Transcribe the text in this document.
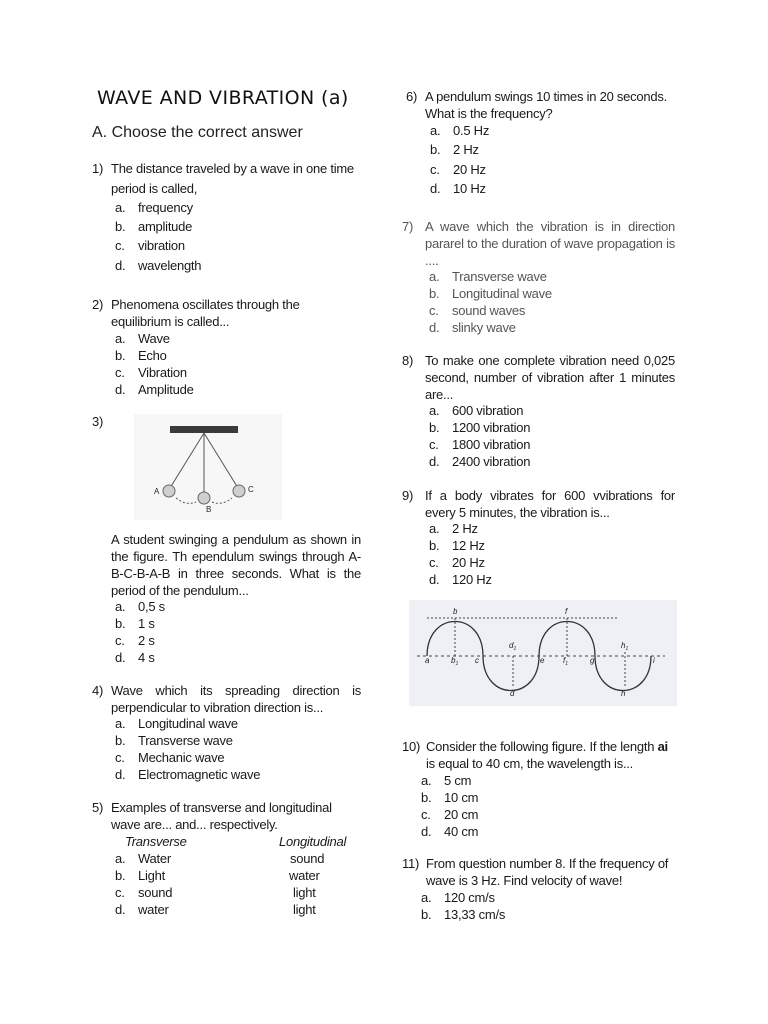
WAVE AND VIBRATION (a)
A. Choose the correct answer
1) The distance traveled by a wave in one time
period is called,
a. frequency
b. amplitude
c. vibration
d. wavelength
2) Phenomena oscillates through the
equilibrium is called...
a. Wave
b. Echo
c. Vibration
d. Amplitude
3)
A
B
C
A student swinging a pendulum as shown in the figure. Th ependulum swings through A-B-C-B-A-B in three seconds. What is the period of the pendulum...
a. 0,5 s
b. 1 s
c. 2 s
d. 4 s
4) Wave which its spreading direction is perpendicular to vibration direction is...
a. Longitudinal wave
b. Transverse wave
c. Mechanic wave
d. Electromagnetic wave
5) Examples of transverse and longitudinal
wave are... and... respectively.
Transverse	Longitudinal
a. Water	sound
b. Light	water
c. sound	light
d. water	light
6) A pendulum swings 10 times in 20 seconds.
What is the frequency?
a. 0.5 Hz
b. 2 Hz
c. 20 Hz
d. 10 Hz
7) A wave which the vibration is in direction pararel to the duration of wave propagation is ....
a. Transverse wave
b. Longitudinal wave
c. sound waves
d. slinky wave
8) To make one complete vibration need 0,025 second, number of vibration after 1 minutes are...
a. 600 vibration
b. 1200 vibration
c. 1800 vibration
d. 2400 vibration
9) If a body vibrates for 600 vvibrations for every 5 minutes, the vibration is...
a. 2 Hz
b. 12 Hz
c. 20 Hz
d. 120 Hz
a
b
$b_1$ c
$d_1$
d
e
f
$f_1$	g
$h_1$
h
i
10) Consider the following figure. If the length ai
is equal to 40 cm, the wavelength is...
a. 5 cm
b. 10 cm
c. 20 cm
d. 40 cm
11) From question number 8. If the frequency of
wave is 3 Hz. Find velocity of wave!
a. 120 cm/s
b. 13,33 cm/s
